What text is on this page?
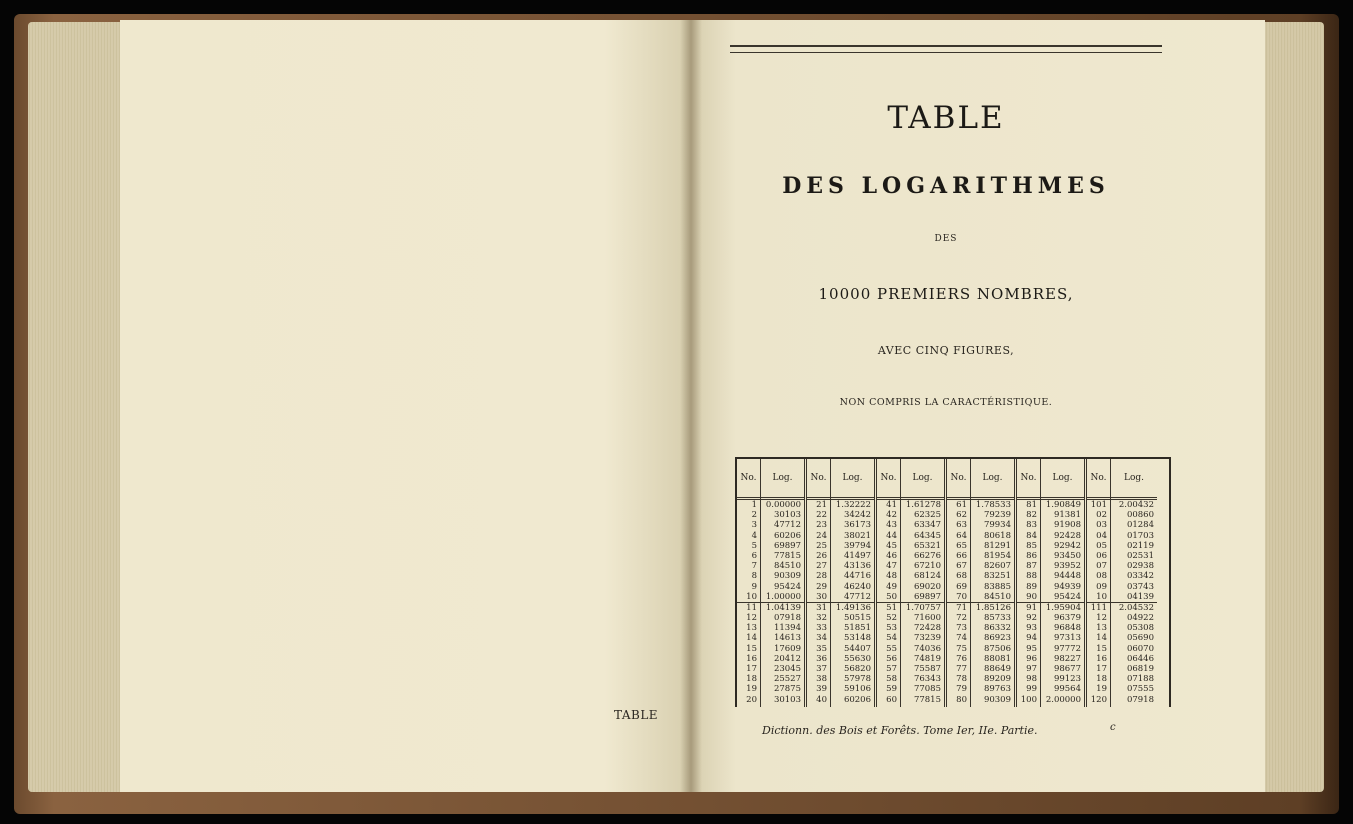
TABLE
TABLE
DES LOGARITHMES
DES
10000 PREMIERS NOMBRES,
AVEC CINQ FIGURES,
NON COMPRIS LA CARACTÉRISTIQUE.
No.
1
2
3
4
5
6
7
8
9
10
11
12
13
14
15
16
17
18
19
20
Log.
0.00000
30103
47712
60206
69897
77815
84510
90309
95424
1.00000
1.04139
07918
11394
14613
17609
20412
23045
25527
27875
30103
No.
21
22
23
24
25
26
27
28
29
30
31
32
33
34
35
36
37
38
39
40
Log.
1.32222
34242
36173
38021
39794
41497
43136
44716
46240
47712
1.49136
50515
51851
53148
54407
55630
56820
57978
59106
60206
No.
41
42
43
44
45
46
47
48
49
50
51
52
53
54
55
56
57
58
59
60
Log.
1.61278
62325
63347
64345
65321
66276
67210
68124
69020
69897
1.70757
71600
72428
73239
74036
74819
75587
76343
77085
77815
No.
61
62
63
64
65
66
67
68
69
70
71
72
73
74
75
76
77
78
79
80
Log.
1.78533
79239
79934
80618
81291
81954
82607
83251
83885
84510
1.85126
85733
86332
86923
87506
88081
88649
89209
89763
90309
No.
81
82
83
84
85
86
87
88
89
90
91
92
93
94
95
96
97
98
99
100
Log.
1.90849
91381
91908
92428
92942
93450
93952
94448
94939
95424
1.95904
96379
96848
97313
97772
98227
98677
99123
99564
2.00000
No.
101
02
03
04
05
06
07
08
09
10
111
12
13
14
15
16
17
18
19
120
Log.
2.00432
00860
01284
01703
02119
02531
02938
03342
03743
04139
2.04532
04922
05308
05690
06070
06446
06819
07188
07555
07918
Dictionn. des Bois et Forêts. Tome Ier, IIe. Partie.	c
